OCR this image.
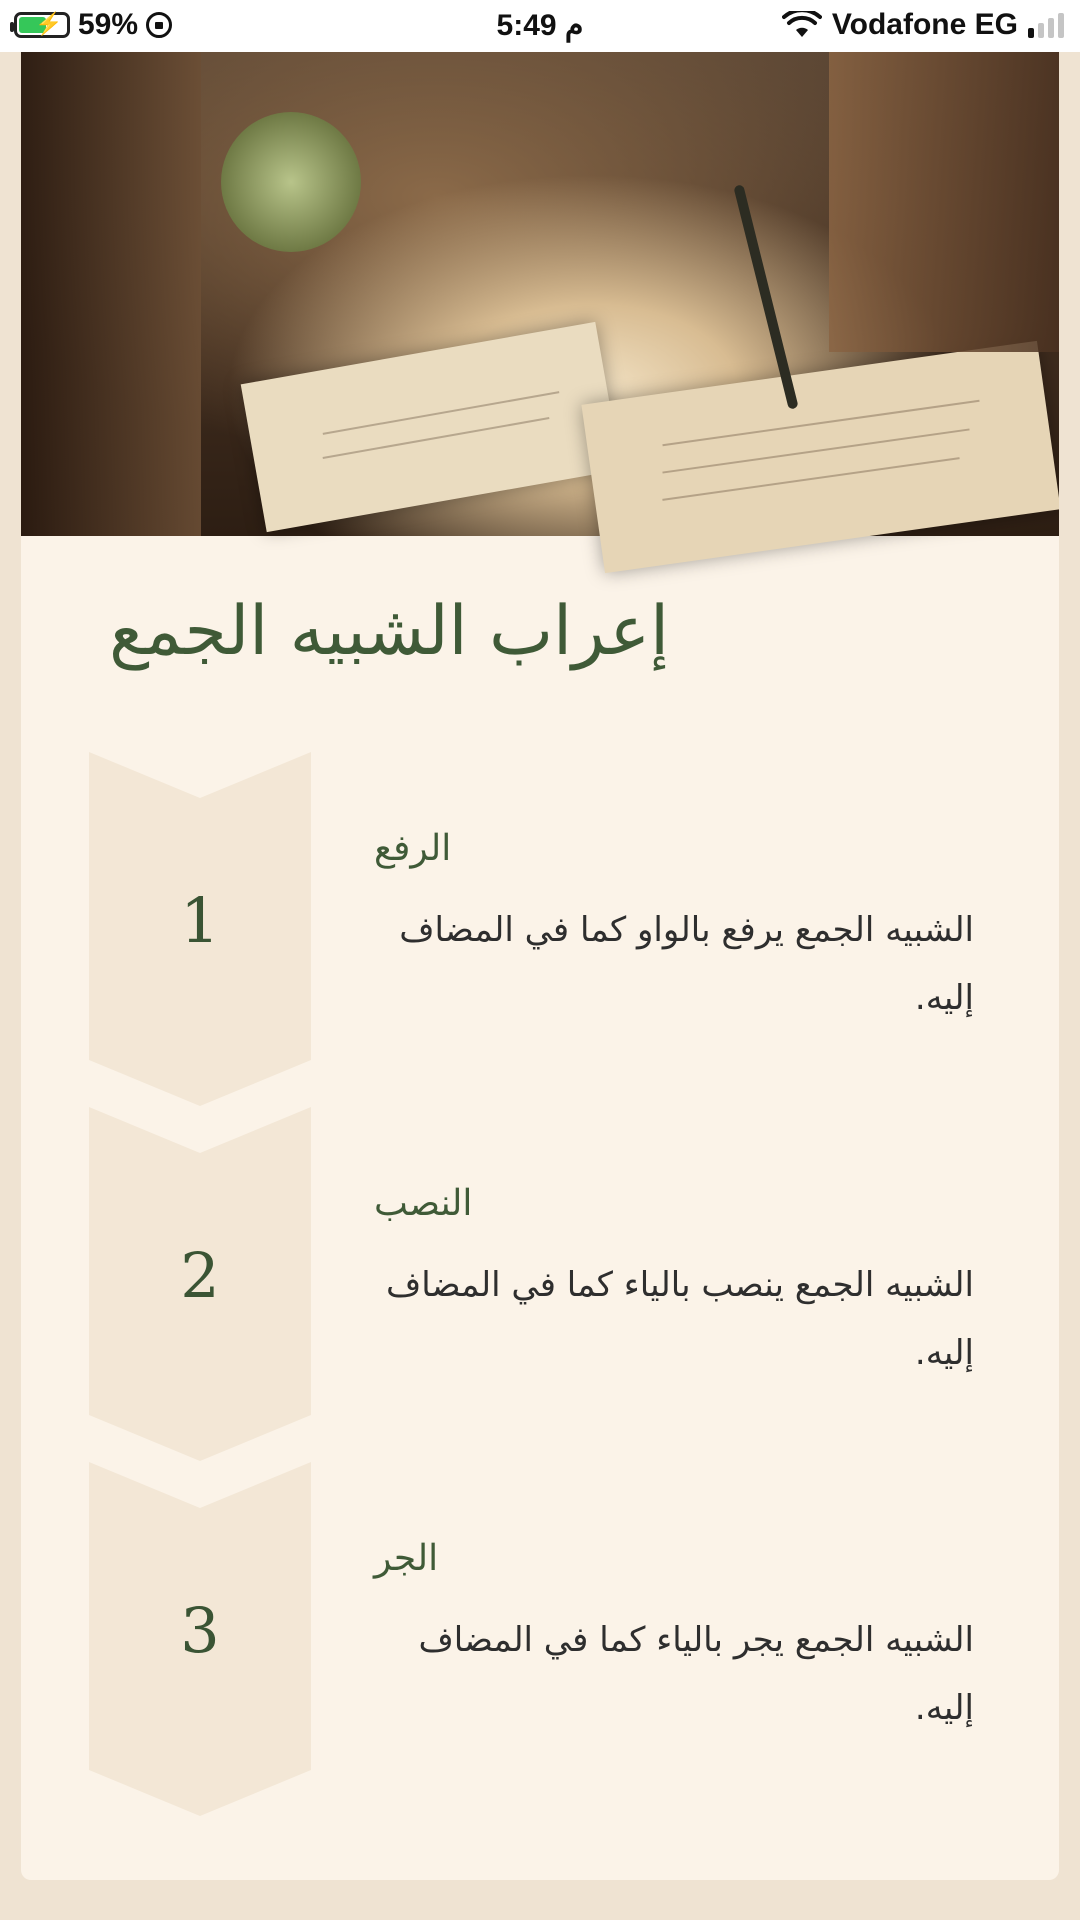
⚡ 59%	5:49 م	Vodafone EG
إعراب الشبيه الجمع
1
الرفع
الشبيه الجمع يرفع بالواو كما في المضاف إليه.
2
النصب
الشبيه الجمع ينصب بالياء كما في المضاف إليه.
3
الجر
الشبيه الجمع يجر بالياء كما في المضاف إليه.
